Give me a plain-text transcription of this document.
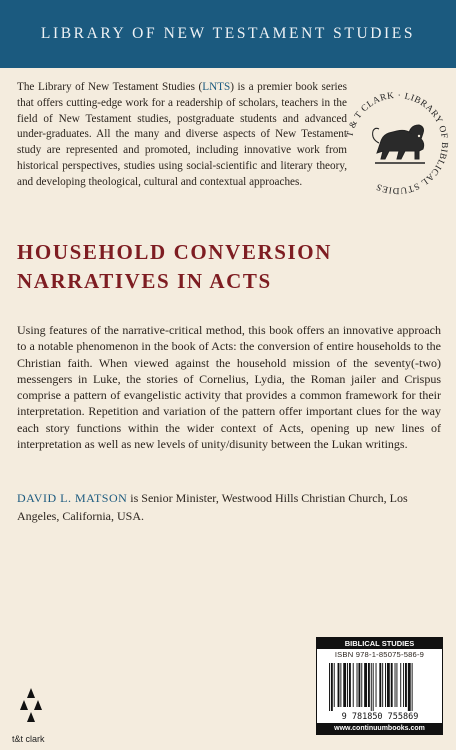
LIBRARY OF NEW TESTAMENT STUDIES

The Library of New Testament Studies (LNTS) is a premier book series that offers cutting-edge work for a readership of scholars, teachers in the field of New Testament studies, postgraduate students and advanced under-graduates. All the many and diverse aspects of New Testament study are represented and promoted, including innovative work from historical perspectives, studies using social-scientific and literary theory, and developing theological, cultural and contextual approaches.

T & T CLARK · LIBRARY OF BIBLICAL STUDIES
HOUSEHOLD CONVERSION
NARRATIVES IN ACTS

Using features of the narrative-critical method, this book offers an innovative approach to a notable phenomenon in the book of Acts: the conversion of entire households to the Christian faith. When viewed against the household mission of the seventy(-two) messengers in Luke, the stories of Cornelius, Lydia, the Roman jailer and Crispus comprise a pattern of evangelistic activity that provides a common framework for their interpretation. Repetition and variation of the pattern offer important clues for the way each story functions within the wider context of Acts, opening up new lines of interpretation as well as new levels of unity/disunity between the Lukan writings.

DAVID L. MATSON is Senior Minister, Westwood Hills Christian Church, Los Angeles, California, USA.

t&t clark
BIBLICAL STUDIES
ISBN 978-1-85075-586-9
9 781850 755869
www.continuumbooks.com
